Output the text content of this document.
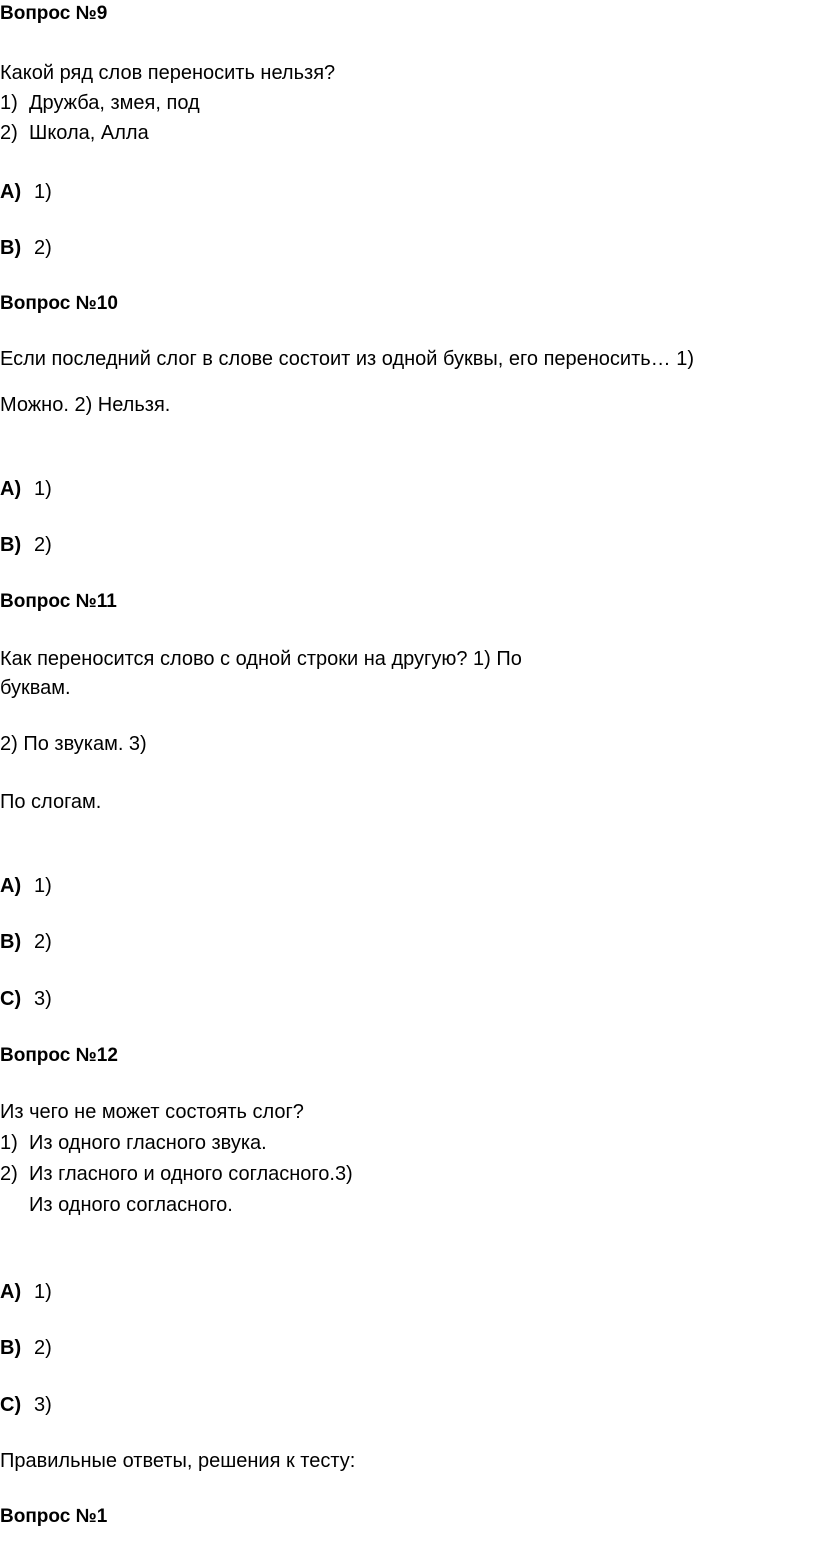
Вопрос №9
Какой ряд слов переносить нельзя?
1) Дружба, змея, под
2) Школа, Алла
A) 1)
B) 2)
Вопрос №10
Если последний слог в слове состоит из одной буквы, его переносить… 1)
Можно. 2) Нельзя.
A) 1)
B) 2)
Вопрос №11
Как переносится слово с одной строки на другую? 1) По
буквам.
2) По звукам. 3)
По слогам.
A) 1)
B) 2)
C) 3)
Вопрос №12
Из чего не может состоять слог?
1) Из одного гласного звука.
2) Из гласного и одного согласного.3)
Из одного согласного.
A) 1)
B) 2)
C) 3)
Правильные ответы, решения к тесту:
Вопрос №1
